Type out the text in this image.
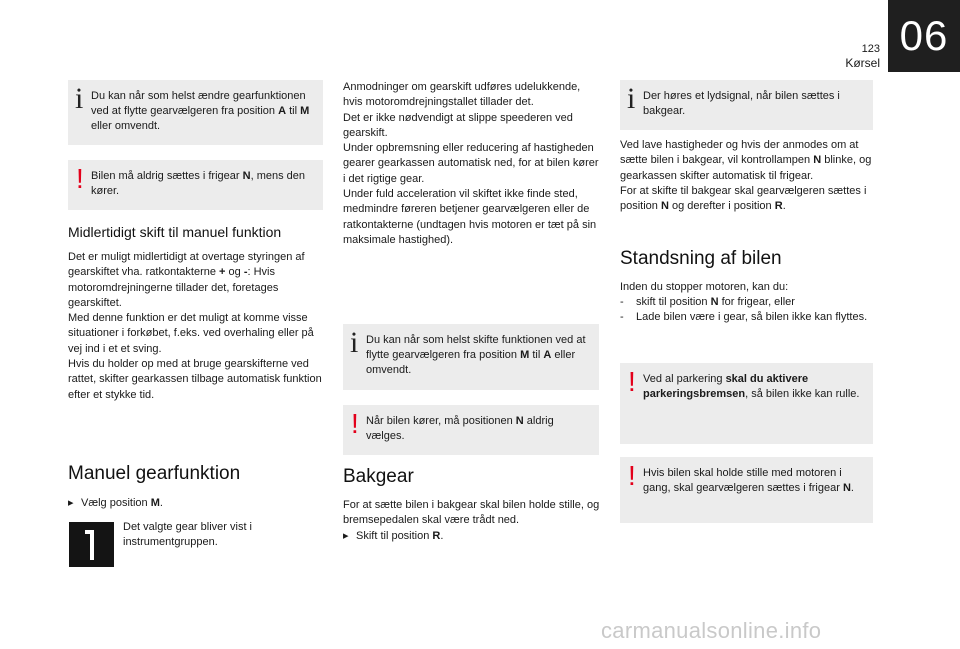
123
Kørsel
06
i Du kan når som helst ændre gearfunktionen ved at flytte gearvælgeren fra position A til M eller omvendt.
! Bilen må aldrig sættes i frigear N, mens den kører.
Midlertidigt skift til manuel funktion
Det er muligt midlertidigt at overtage styringen af gearskiftet vha. ratkontakterne + og -: Hvis motoromdrejningerne tillader det, foretages gearskiftet.
Med denne funktion er det muligt at komme visse situationer i forkøbet, f.eks. ved overhaling eller på vej ind i et et sving.
Hvis du holder op med at bruge gearskifterne ved rattet, skifter gearkassen tilbage automatisk funktion efter et stykke tid.
Manuel gearfunktion
▸ Vælg position M.
Det valgte gear bliver vist i instrumentgruppen.
Anmodninger om gearskift udføres udelukkende, hvis motoromdrejningstallet tillader det.
Det er ikke nødvendigt at slippe speederen ved gearskift.
Under opbremsning eller reducering af hastigheden gearer gearkassen automatisk ned, for at bilen kører i det rigtige gear.
Under fuld acceleration vil skiftet ikke finde sted, medmindre føreren betjener gearvælgeren eller de ratkontakterne (undtagen hvis motoren er tæt på sin maksimale hastighed).
i Du kan når som helst skifte funktionen ved at flytte gearvælgeren fra position M til A eller omvendt.
! Når bilen kører, må positionen N aldrig vælges.
Bakgear
For at sætte bilen i bakgear skal bilen holde stille, og bremsepedalen skal være trådt ned.
▸ Skift til position R.
i Der høres et lydsignal, når bilen sættes i bakgear.
Ved lave hastigheder og hvis der anmodes om at sætte bilen i bakgear, vil kontrollampen N blinke, og gearkassen skifter automatisk til frigear.
For at skifte til bakgear skal gearvælgeren sættes i position N og derefter i position R.
Standsning af bilen
Inden du stopper motoren, kan du:
- skift til position N for frigear, eller
- Lade bilen være i gear, så bilen ikke kan flyttes.
! Ved al parkering skal du aktivere parkeringsbremsen, så bilen ikke kan rulle.
! Hvis bilen skal holde stille med motoren i gang, skal gearvælgeren sættes i frigear N.
carmanualsonline.info
